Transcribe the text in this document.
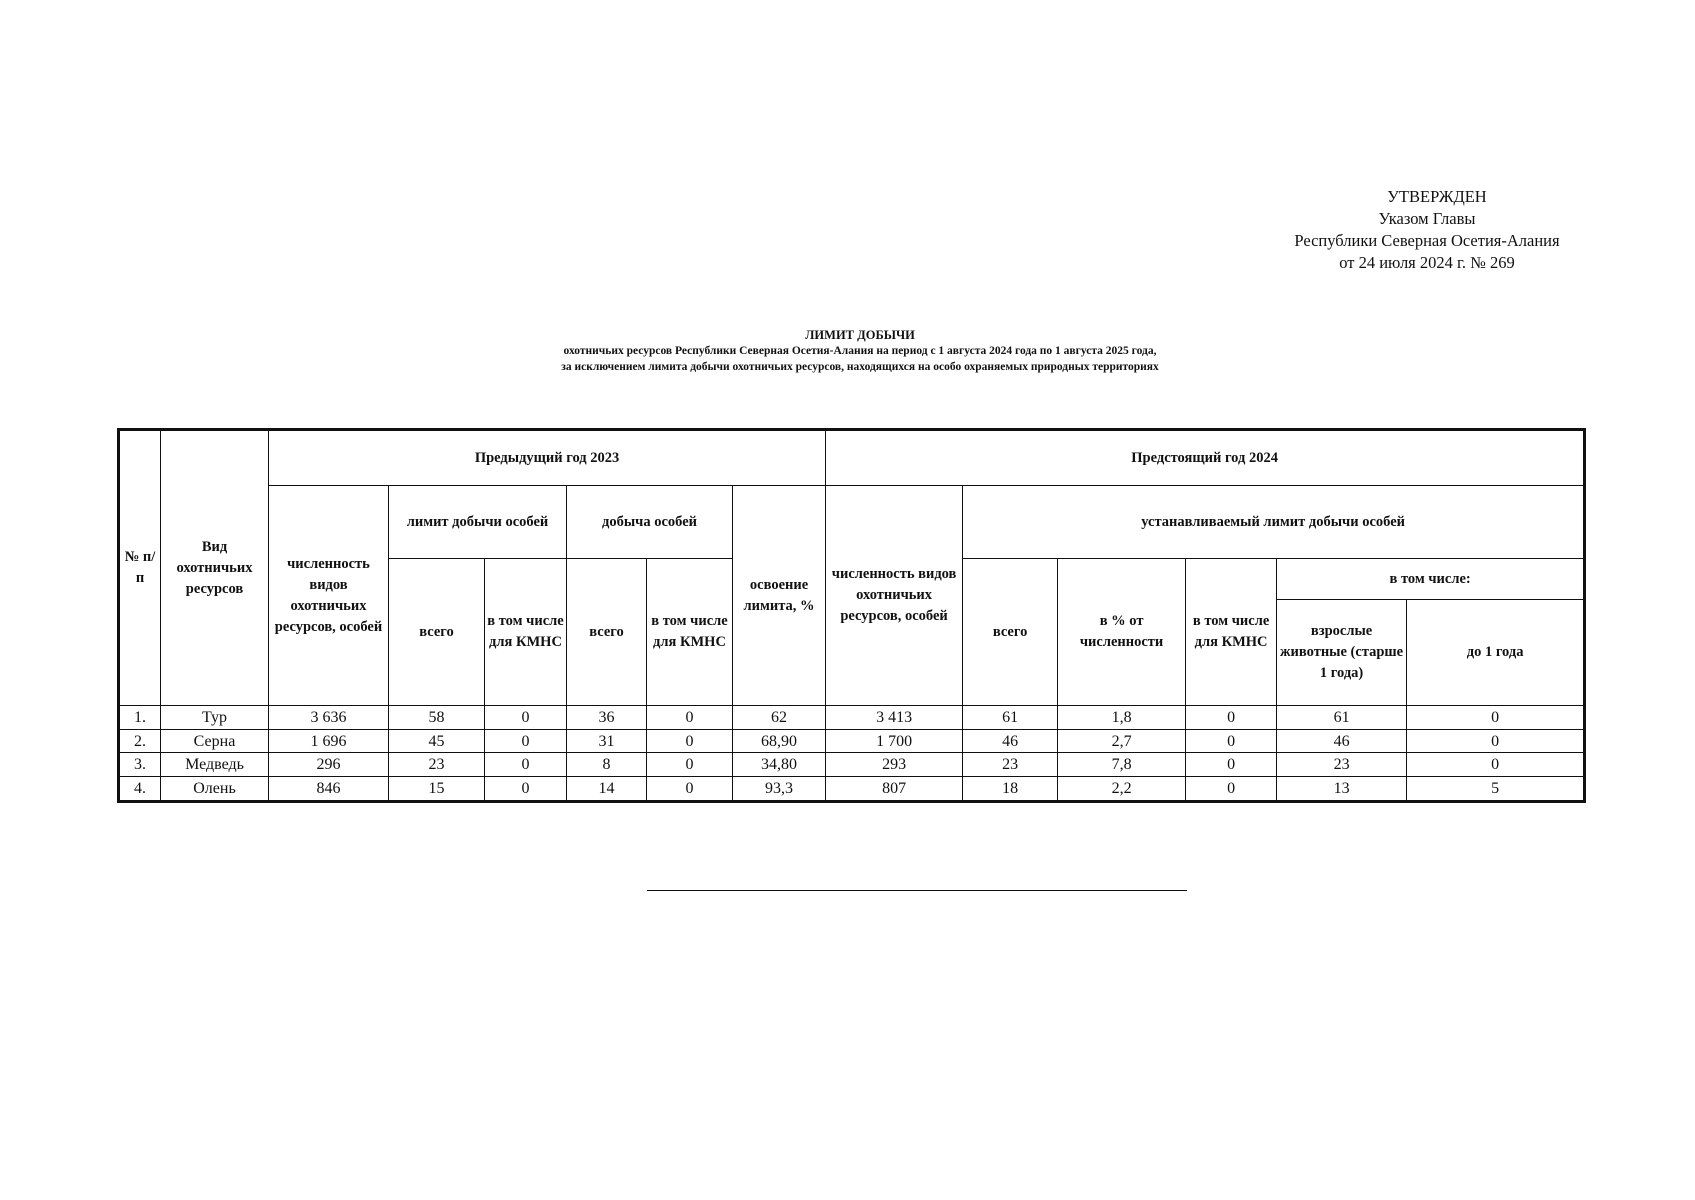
УТВЕРЖДЕН
Указом Главы
Республики Северная Осетия-Алания
от 24 июля 2024 г. № 269
ЛИМИТ ДОБЫЧИ
охотничьих ресурсов Республики Северная Осетия-Алания на период с 1 августа 2024 года по 1 августа 2025 года,
за исключением лимита добычи охотничьих ресурсов, находящихся на особо охраняемых природных территориях
№ п/п	Вид охотничьих ресурсов	Предыдущий год 2023						Предстоящий год 2024					
		численность видов охотничьих ресурсов, особей	лимит добычи особей		добыча особей		освоение лимита, %	численность видов охотничьих ресурсов, особей	устанавливаемый лимит добычи особей				
			всего	в том числе для КМНС	всего	в том числе для КМНС			всего	в % от численности	в том числе для КМНС	в том числе:	
												взрослые животные (старше 1 года)	до 1 года
1.	Тур	3 636	58	0	36	0	62	3 413	61	1,8	0	61	0
2.	Серна	1 696	45	0	31	0	68,90	1 700	46	2,7	0	46	0
3.	Медведь	296	23	0	8	0	34,80	293	23	7,8	0	23	0
4.	Олень	846	15	0	14	0	93,3	807	18	2,2	0	13	5
